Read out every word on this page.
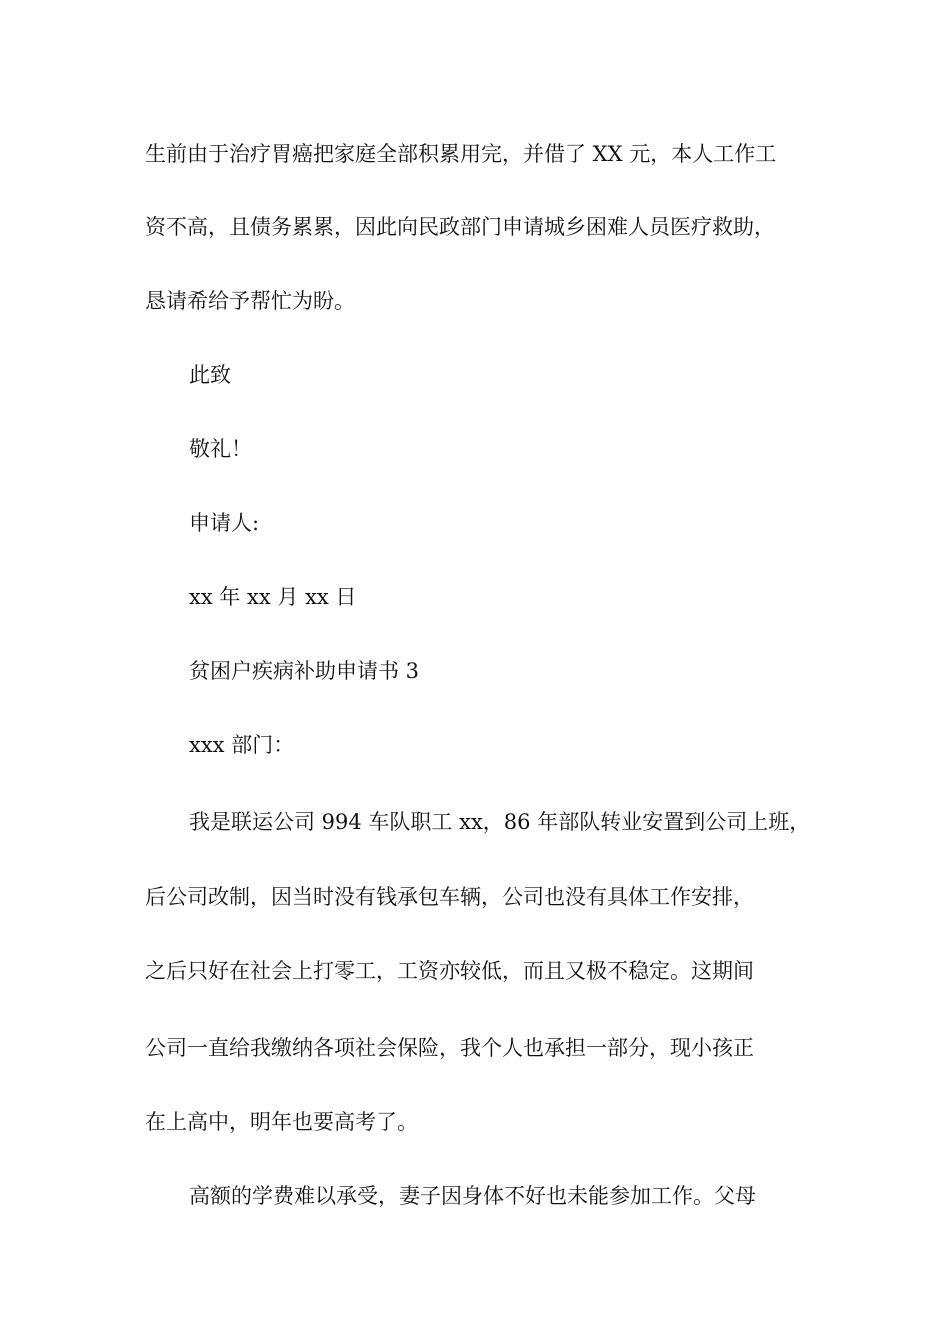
生前由于治疗胃癌把家庭全部积累用完，并借了 XX 元，本人工作工

资不高，且债务累累，因此向民政部门申请城乡困难人员医疗救助，

恳请希给予帮忙为盼。

此致

敬礼！

申请人:

xx 年 xx 月 xx 日

贫困户疾病补助申请书 3

xxx 部门：

我是联运公司 994 车队职工 xx，86 年部队转业安置到公司上班，

后公司改制，因当时没有钱承包车辆，公司也没有具体工作安排，

之后只好在社会上打零工，工资亦较低，而且又极不稳定。这期间

公司一直给我缴纳各项社会保险，我个人也承担一部分，现小孩正

在上高中，明年也要高考了。

高额的学费难以承受，妻子因身体不好也未能参加工作。父母
